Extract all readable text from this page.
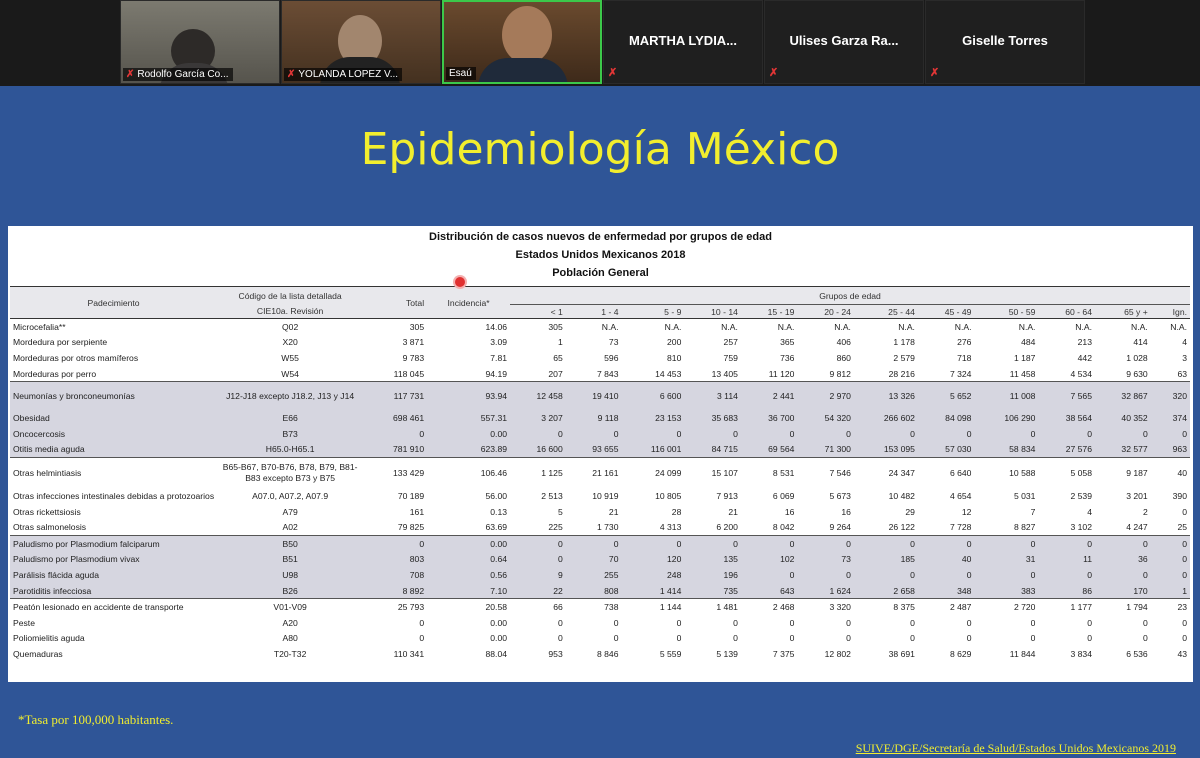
✗ Rodolfo García Co...	✗ YOLANDA LOPEZ V...	Esaú
MARTHA LYDIA...
✗
Ulises Garza Ra...
✗
Giselle Torres
✗
Epidemiología México
Distribución de casos nuevos de enfermedad por grupos de edad
Estados Unidos Mexicanos 2018
Población General
Padecimiento	Código de la lista detallada	Total	Incidencia*	Grupos de edad											
	CIE10a. Revisión			< 1	1 - 4	5 - 9	10 - 14	15 - 19	20 - 24	25 - 44	45 - 49	50 - 59	60 - 64	65 y +	Ign.
Microcefalia**	Q02	305	14.06	305	N.A.	N.A.	N.A.	N.A.	N.A.	N.A.	N.A.	N.A.	N.A.	N.A.	N.A.
Mordedura por serpiente	X20	3 871	3.09	1	73	200	257	365	406	1 178	276	484	213	414	4
Mordeduras por otros mamíferos	W55	9 783	7.81	65	596	810	759	736	860	2 579	718	1 187	442	1 028	3
Mordeduras por perro	W54	118 045	94.19	207	7 843	14 453	13 405	11 120	9 812	28 216	7 324	11 458	4 534	9 630	63
Neumonías y bronconeumonías	J12-J18 excepto J18.2, J13 y J14	117 731	93.94	12 458	19 410	6 600	3 114	2 441	2 970	13 326	5 652	11 008	7 565	32 867	320
Obesidad	E66	698 461	557.31	3 207	9 118	23 153	35 683	36 700	54 320	266 602	84 098	106 290	38 564	40 352	374
Oncocercosis	B73	0	0.00	0	0	0	0	0	0	0	0	0	0	0	0
Otitis media aguda	H65.0-H65.1	781 910	623.89	16 600	93 655	116 001	84 715	69 564	71 300	153 095	57 030	58 834	27 576	32 577	963
Otras helmintiasis	B65-B67, B70-B76, B78, B79, B81-B83 excepto B73 y B75	133 429	106.46	1 125	21 161	24 099	15 107	8 531	7 546	24 347	6 640	10 588	5 058	9 187	40
Otras infecciones intestinales debidas a protozoarios	A07.0, A07.2, A07.9	70 189	56.00	2 513	10 919	10 805	7 913	6 069	5 673	10 482	4 654	5 031	2 539	3 201	390
Otras rickettsiosis	A79	161	0.13	5	21	28	21	16	16	29	12	7	4	2	0
Otras salmonelosis	A02	79 825	63.69	225	1 730	4 313	6 200	8 042	9 264	26 122	7 728	8 827	3 102	4 247	25
Paludismo por Plasmodium falciparum	B50	0	0.00	0	0	0	0	0	0	0	0	0	0	0	0
Paludismo por Plasmodium vivax	B51	803	0.64	0	70	120	135	102	73	185	40	31	11	36	0
Parálisis flácida aguda	U98	708	0.56	9	255	248	196	0	0	0	0	0	0	0	0
Parotiditis infecciosa	B26	8 892	7.10	22	808	1 414	735	643	1 624	2 658	348	383	86	170	1
Peatón lesionado en accidente de transporte	V01-V09	25 793	20.58	66	738	1 144	1 481	2 468	3 320	8 375	2 487	2 720	1 177	1 794	23
Peste	A20	0	0.00	0	0	0	0	0	0	0	0	0	0	0	0
Poliomielitis aguda	A80	0	0.00	0	0	0	0	0	0	0	0	0	0	0	0
Quemaduras	T20-T32	110 341	88.04	953	8 846	5 559	5 139	7 375	12 802	38 691	8 629	11 844	3 834	6 536	43
*Tasa por 100,000 habitantes.
SUIVE/DGE/Secretaría de Salud/Estados Unidos Mexicanos 2019
